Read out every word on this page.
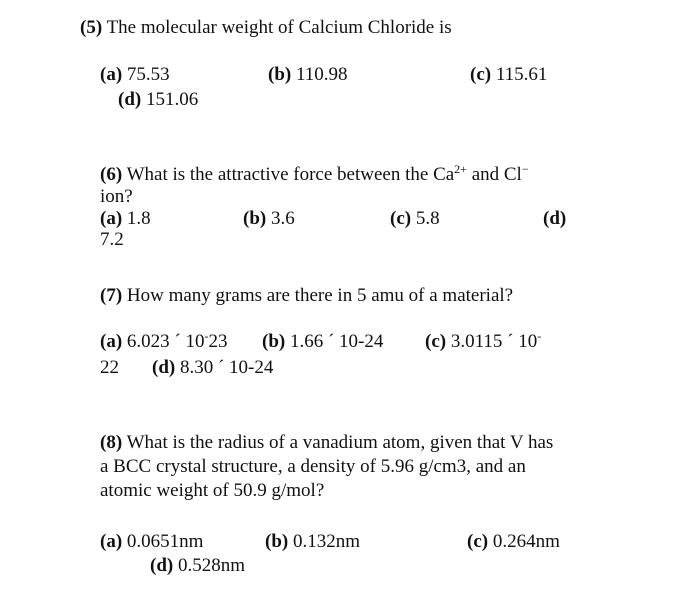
(5) The molecular weight of Calcium Chloride is
(a) 75.53	(b) 110.98	(c) 115.61
(d) 151.06
(6) What is the attractive force between the $Ca^{2+}$ and Cl−
ion?
(a) 1.8	(b) 3.6	(c) 5.8	(d)
7.2
(7) How many grams are there in 5 amu of a material?
(a) 6.023 ´ 10-23 (b) 1.66 ´ 10-24 (c) 3.0115 ´ 10-
22 (d) 8.30 ´ 10-24
(8) What is the radius of a vanadium atom, given that V has
a BCC crystal structure, a density of 5.96 g/cm3, and an
atomic weight of 50.9 g/mol?
(a) 0.0651nm	(b) 0.132nm	(c) 0.264nm
(d) 0.528nm
